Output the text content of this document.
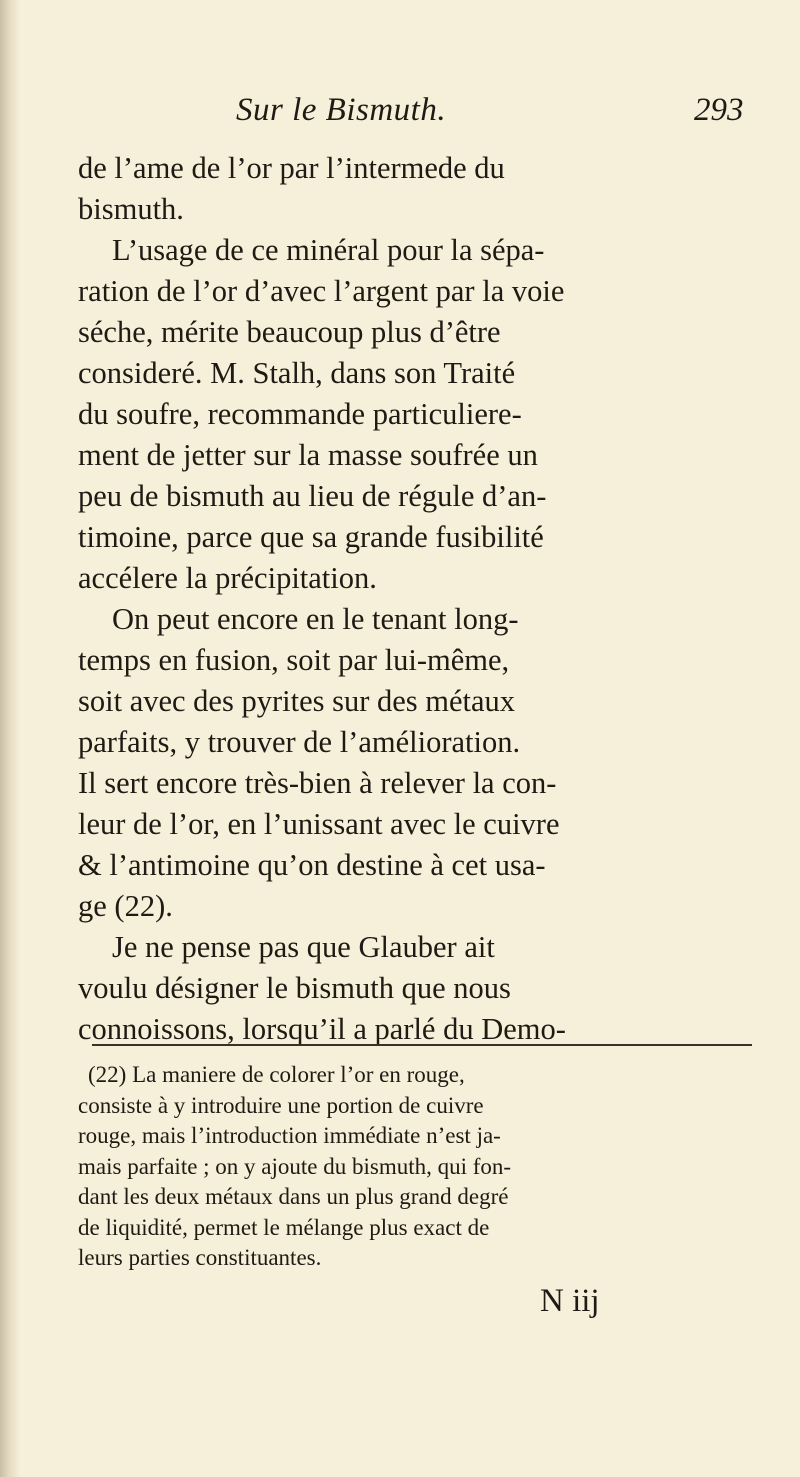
Sur le Bismuth.	293
de l’ame de l’or par l’intermede du
bismuth.
L’usage de ce minéral pour la sépa-
ration de l’or d’avec l’argent par la voie
séche, mérite beaucoup plus d’être
consideré. M. Stalh, dans son Traité
du soufre, recommande particuliere-
ment de jetter sur la masse soufrée un
peu de bismuth au lieu de régule d’an-
timoine, parce que sa grande fusibilité
accélere la précipitation.
On peut encore en le tenant long-
temps en fusion, soit par lui-même,
soit avec des pyrites sur des métaux
parfaits, y trouver de l’amélioration.
Il sert encore très-bien à relever la con-
leur de l’or, en l’unissant avec le cuivre
& l’antimoine qu’on destine à cet usa-
ge (22).
Je ne pense pas que Glauber ait
voulu désigner le bismuth que nous
connoissons, lorsqu’il a parlé du Demo-
(22) La maniere de colorer l’or en rouge,
consiste à y introduire une portion de cuivre
rouge, mais l’introduction immédiate n’est ja-
mais parfaite ; on y ajoute du bismuth, qui fon-
dant les deux métaux dans un plus grand degré
de liquidité, permet le mélange plus exact de
leurs parties constituantes.
N iij
